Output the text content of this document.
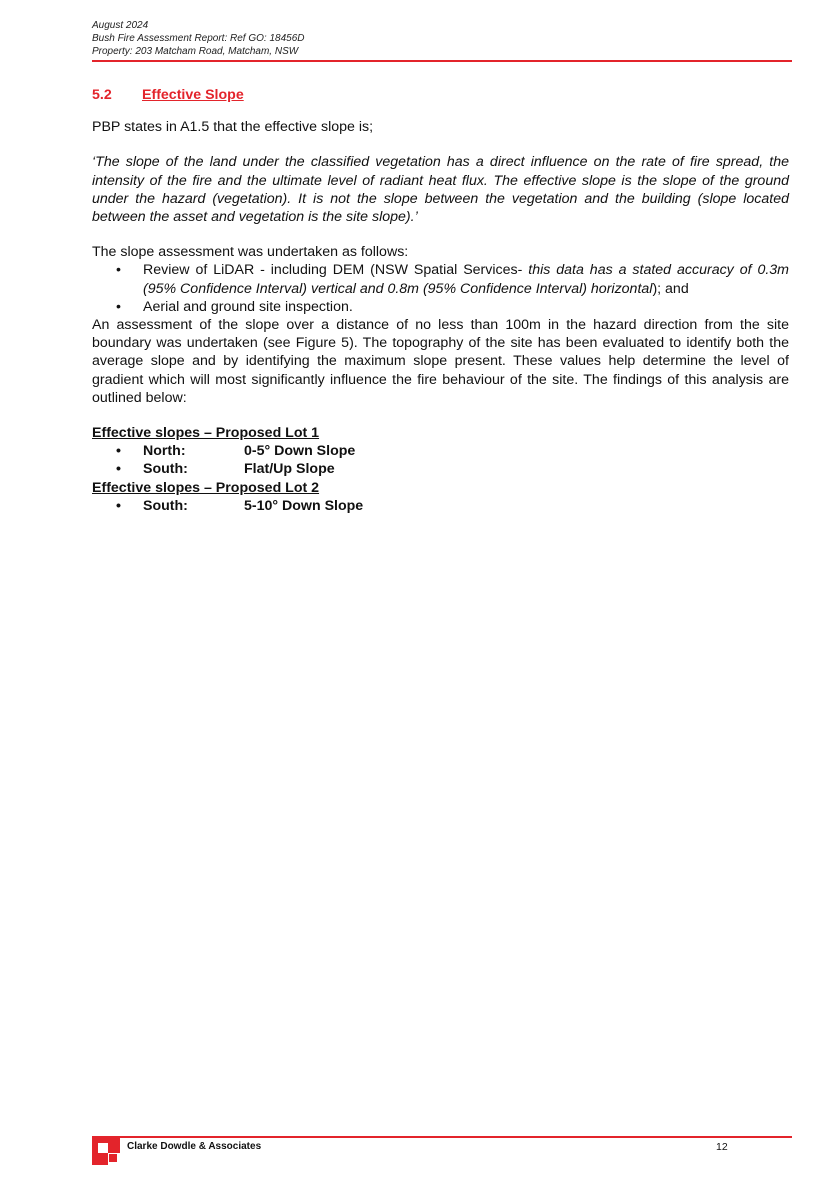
August 2024
Bush Fire Assessment Report: Ref GO: 18456D
Property: 203 Matcham Road, Matcham, NSW
5.2 Effective Slope

PBP states in A1.5 that the effective slope is;

‘The slope of the land under the classified vegetation has a direct influence on the rate of fire spread, the intensity of the fire and the ultimate level of radiant heat flux. The effective slope is the slope of the ground under the hazard (vegetation). It is not the slope between the vegetation and the building (slope located between the asset and vegetation is the site slope).’

The slope assessment was undertaken as follows:

• Review of LiDAR - including DEM (NSW Spatial Services- this data has a stated accuracy of 0.3m (95% Confidence Interval) vertical and 0.8m (95% Confidence Interval) horizontal); and
• Aerial and ground site inspection.

An assessment of the slope over a distance of no less than 100m in the hazard direction from the site boundary was undertaken (see Figure 5). The topography of the site has been evaluated to identify both the average slope and by identifying the maximum slope present. These values help determine the level of gradient which will most significantly influence the fire behaviour of the site. The findings of this analysis are outlined below:

Effective slopes – Proposed Lot 1
• North:	0-5° Down Slope
• South:	Flat/Up Slope
Effective slopes – Proposed Lot 2
• South:	5-10° Down Slope
Clarke Dowdle & Associates	12
